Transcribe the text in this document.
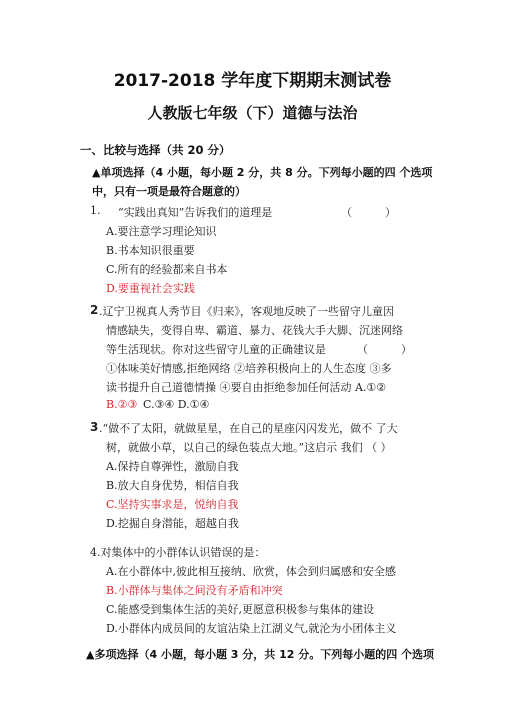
2017-2018 学年度下期期末测试卷
人教版七年级（下）道德与法治
一、比较与选择（共 20 分）
▲单项选择（4 小题，每小题 2 分，共 8 分。下列每小题的四 个选项
中，只有一项是最符合题意的）
1. “实践出真知”告诉我们的道理是	（　　　）
A.要注意学习理论知识
B.书本知识很重要
C.所有的经验都来自书本
D.要重视社会实践
2 .辽宁卫视真人秀节目《归来》，客观地反映了一些留守儿童因
情感缺失，变得自卑、霸道、暴力、花钱大手大脚、沉迷网络
等生活现状。你对这些留守儿童的正确建议是	（　　　）
①体味美好情感,拒绝网络 ②培养积极向上的人生态度 ③多
读书提升自己道德情操 ④要自由拒绝参加任何活动 A.①②
B.②③ C.③④ D.①④
3 .“做不了太阳，就做星星，在自己的星座闪闪发光，做不 了大
树，就做小草，以自己的绿色装点大地。”这启示 我们 （ ）
A.保持自尊弹性，激励自我
B.放大自身优势，相信自我
C.坚持实事求是，悦纳自我
D.挖掘自身潜能，超越自我
4.对集体中的小群体认识错误的是：
A.在小群体中,彼此相互接纳、欣赏，体会到归属感和安全感
B.小群体与集体之间没有矛盾和冲突
C.能感受到集体生活的美好,更愿意积极参与集体的建设
D.小群体内成员间的友谊沾染上江湖义气,就沦为小团体主义
▲多项选择（4 小题，每小题 3 分，共 12 分。下列每小题的四 个选项
